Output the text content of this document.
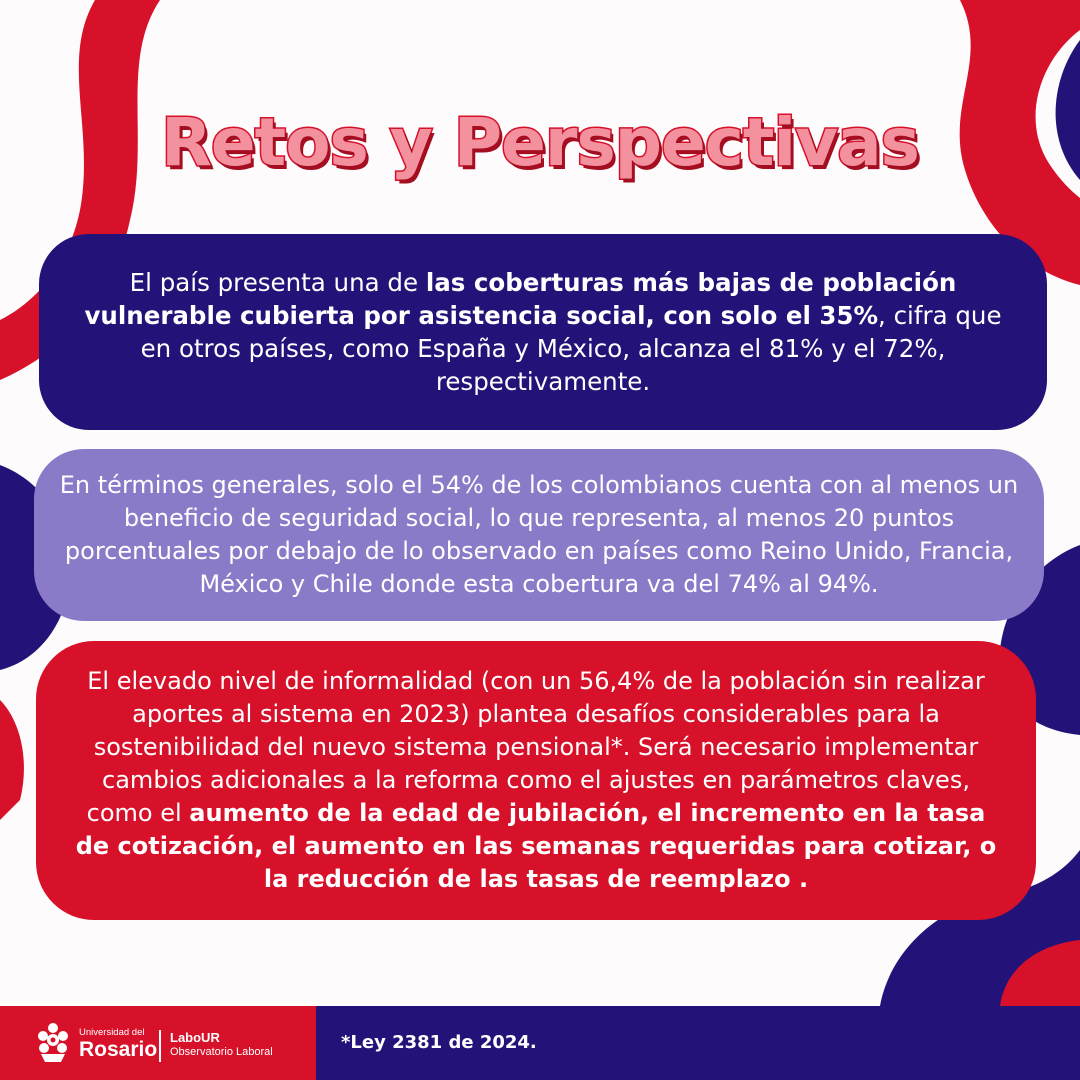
Retos y Perspectivas

El país presenta una de las coberturas más bajas de población vulnerable cubierta por asistencia social, con solo el 35%, cifra que en otros países, como España y México, alcanza el 81% y el 72%, respectivamente.

En términos generales, solo el 54% de los colombianos cuenta con al menos un beneficio de seguridad social, lo que representa, al menos 20 puntos porcentuales por debajo de lo observado en países como Reino Unido, Francia, México y Chile donde esta cobertura va del 74% al 94%.

El elevado nivel de informalidad (con un 56,4% de la población sin realizar aportes al sistema en 2023) plantea desafíos considerables para la sostenibilidad del nuevo sistema pensional*. Será necesario implementar cambios adicionales a la reforma como el ajustes en parámetros claves, como el aumento de la edad de jubilación, el incremento en la tasa de cotización, el aumento en las semanas requeridas para cotizar, o la reducción de las tasas de reemplazo .

Universidad del
Rosario
LaboUR
Observatorio Laboral	*Ley 2381 de 2024.
